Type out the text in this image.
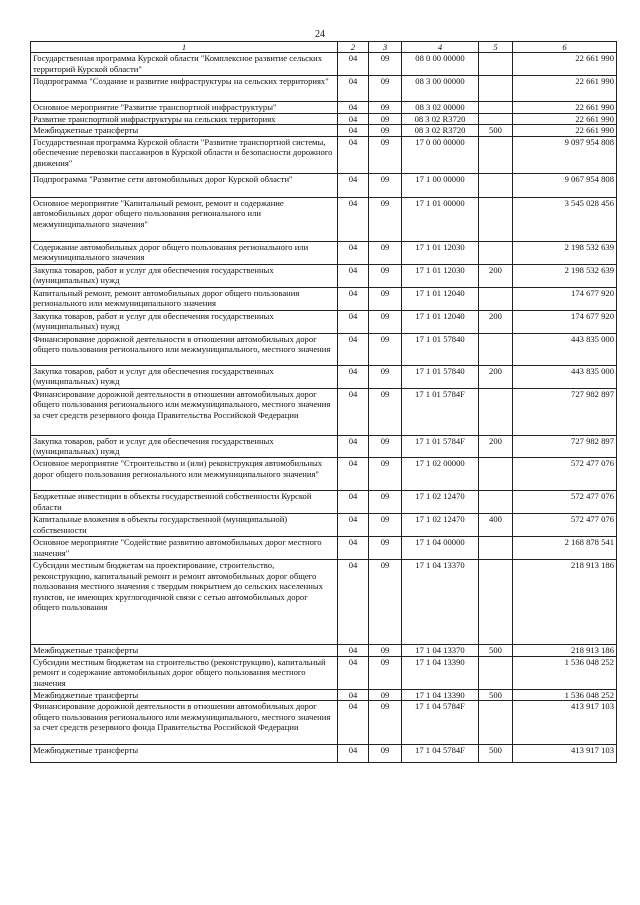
24
1	2	3	4	5	6
Государственная программа Курской области "Комплексное развитие сельских территорий Курской области"	04	09	08 0 00 00000		22 661 990
Подпрограмма "Создание и развитие инфраструктуры на сельских территориях"	04	09	08 3 00 00000		22 661 990
Основное мероприятие "Развитие транспортной инфраструктуры"	04	09	08 3 02 00000		22 661 990
Развитие транспортной инфраструктуры на сельских территориях	04	09	08 3 02 R3720		22 661 990
Межбюджетные трансферты	04	09	08 3 02 R3720	500	22 661 990
Государственная программа Курской области "Развитие транспортной системы, обеспечение перевозки пассажиров в Курской области и безопасности дорожного движения"	04	09	17 0 00 00000		9 097 954 808
Подпрограмма "Развитие сети автомобильных дорог Курской области"	04	09	17 1 00 00000		9 067 954 808
Основное мероприятие "Капитальный ремонт, ремонт и содержание автомобильных дорог общего пользования регионального или межмуниципального значения"	04	09	17 1 01 00000		3 545 028 456
Содержание автомобильных дорог общего пользования регионального или межмуниципального значения	04	09	17 1 01 12030		2 198 532 639
Закупка товаров, работ и услуг для обеспечения государственных (муниципальных) нужд	04	09	17 1 01 12030	200	2 198 532 639
Капитальный ремонт, ремонт автомобильных дорог общего пользования регионального или межмуниципального значения	04	09	17 1 01 12040		174 677 920
Закупка товаров, работ и услуг для обеспечения государственных (муниципальных) нужд	04	09	17 1 01 12040	200	174 677 920
Финансирование дорожной деятельности в отношении автомобильных дорог общего пользования регионального или межмуниципального, местного значения	04	09	17 1 01 57840		443 835 000
Закупка товаров, работ и услуг для обеспечения государственных (муниципальных) нужд	04	09	17 1 01 57840	200	443 835 000
Финансирование дорожной деятельности в отношении автомобильных дорог общего пользования регионального или межмуниципального, местного значения за счет средств резервного фонда Правительства Российской Федерации	04	09	17 1 01 5784F		727 982 897
Закупка товаров, работ и услуг для обеспечения государственных (муниципальных) нужд	04	09	17 1 01 5784F	200	727 982 897
Основное мероприятие "Строительство и (или) реконструкция автомобильных дорог общего пользования регионального или межмуниципального значения"	04	09	17 1 02 00000		572 477 076
Бюджетные инвестиции в объекты государственной собственности Курской области	04	09	17 1 02 12470		572 477 076
Капитальные вложения в объекты государственной (муниципальной) собственности	04	09	17 1 02 12470	400	572 477 076
Основное мероприятие "Содействие развитию автомобильных дорог местного значения"	04	09	17 1 04 00000		2 168 878 541
Субсидии местным бюджетам на проектирование, строительство, реконструкцию, капитальный ремонт и ремонт автомобильных дорог общего пользования местного значения с твердым покрытием до сельских населенных пунктов, не имеющих круглогодичной связи с сетью автомобильных дорог общего пользования	04	09	17 1 04 13370		218 913 186
Межбюджетные трансферты	04	09	17 1 04 13370	500	218 913 186
Субсидии местным бюджетам на строительство (реконструкцию), капитальный ремонт и содержание автомобильных дорог общего пользования местного значения	04	09	17 1 04 13390		1 536 048 252
Межбюджетные трансферты	04	09	17 1 04 13390	500	1 536 048 252
Финансирование дорожной деятельности в отношении автомобильных дорог общего пользования регионального или межмуниципального, местного значения за счет средств резервного фонда Правительства Российской Федерации	04	09	17 1 04 5784F		413 917 103
Межбюджетные трансферты	04	09	17 1 04 5784F	500	413 917 103
